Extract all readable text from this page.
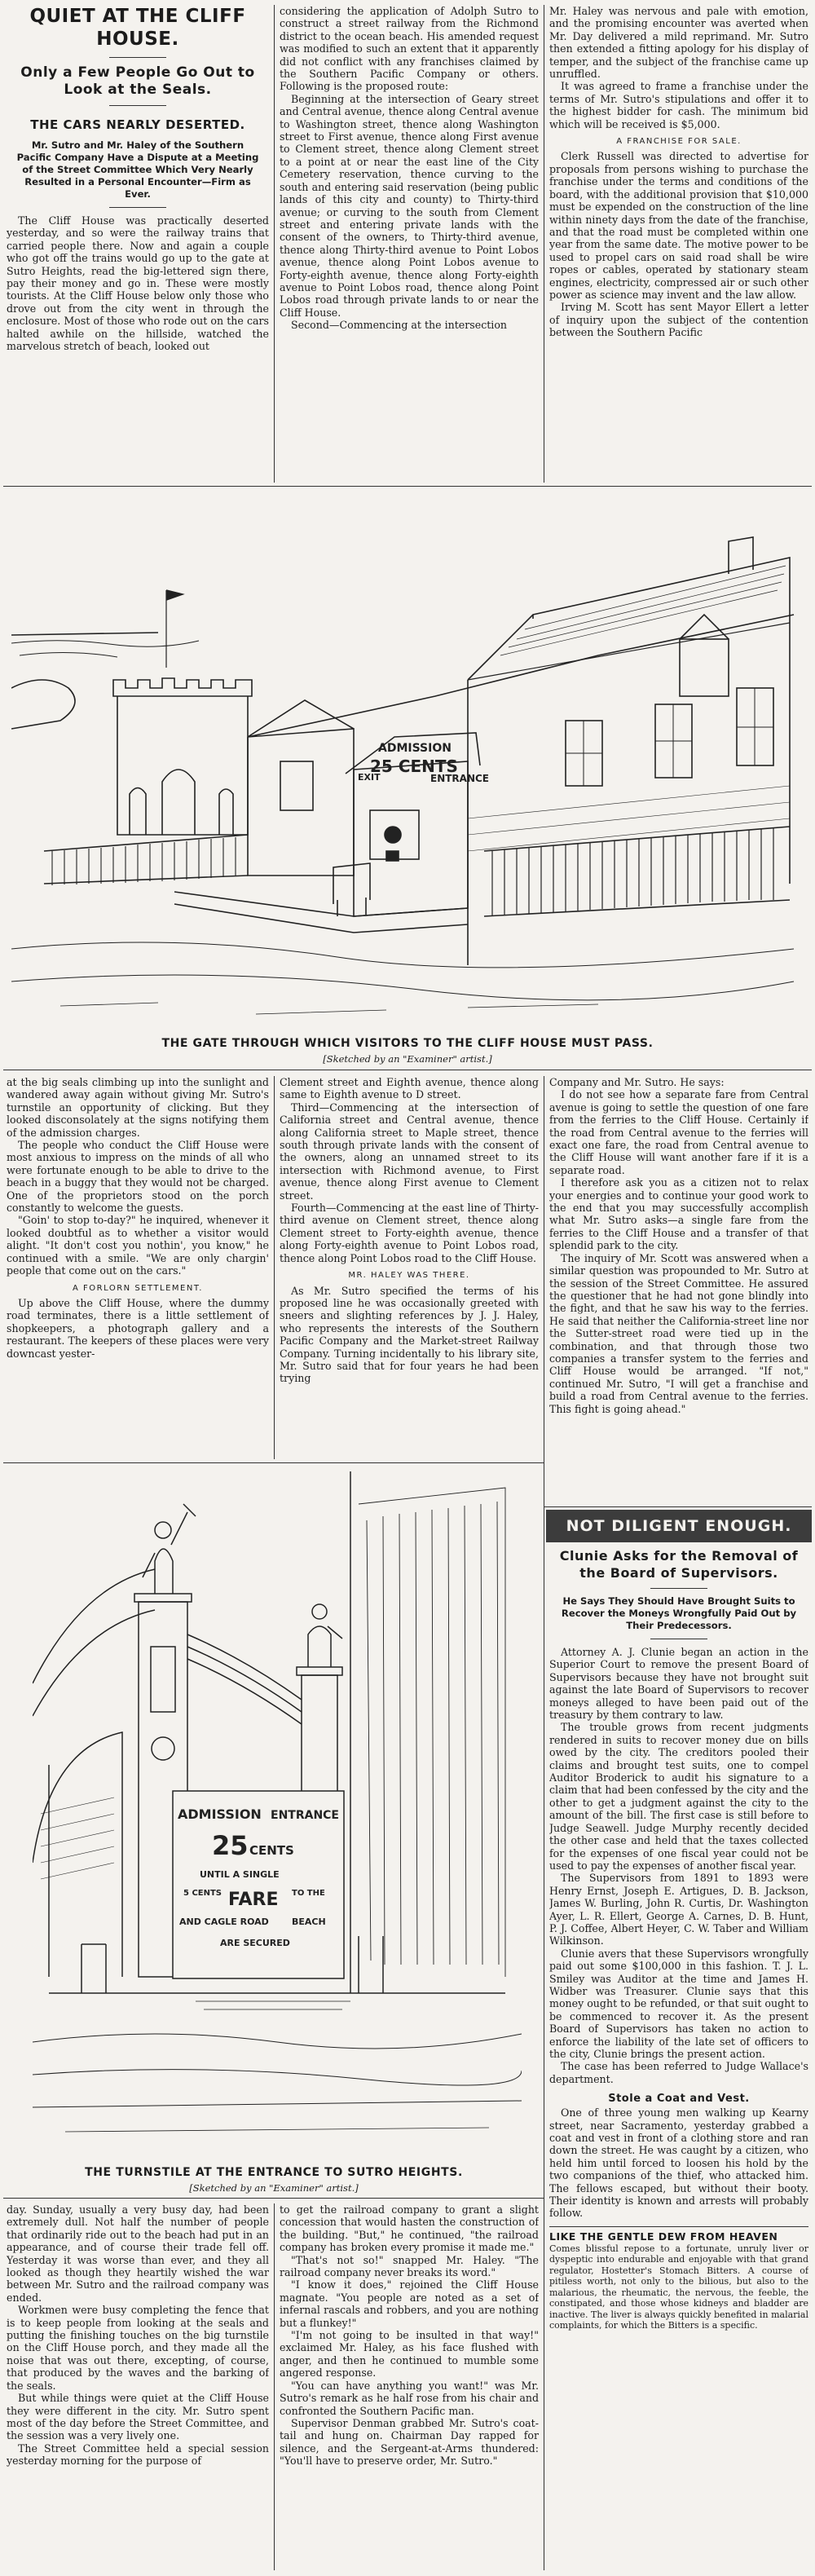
QUIET AT THE CLIFF HOUSE.
Only a Few People Go Out to Look at the Seals.
THE CARS NEARLY DESERTED.
Mr. Sutro and Mr. Haley of the Southern Pacific Company Have a Dispute at a Meeting of the Street Committee Which Very Nearly Resulted in a Personal Encounter—Firm as Ever.

The Cliff House was practically deserted yesterday, and so were the railway trains that carried people there. Now and again a couple who got off the trains would go up to the gate at Sutro Heights, read the big-lettered sign there, pay their money and go in. These were mostly tourists. At the Cliff House below only those who drove out from the city went in through the enclosure. Most of those who rode out on the cars halted awhile on the hillside, watched the marvelous stretch of beach, looked out

considering the application of Adolph Sutro to construct a street railway from the Richmond district to the ocean beach. His amended request was modified to such an extent that it apparently did not conflict with any franchises claimed by the Southern Pacific Company or others. Following is the proposed route:

Beginning at the intersection of Geary street and Central avenue, thence along Central avenue to Washington street, thence along Washington street to First avenue, thence along First avenue to Clement street, thence along Clement street to a point at or near the east line of the City Cemetery reservation, thence curving to the south and entering said reservation (being public lands of this city and county) to Thirty-third avenue; or curving to the south from Clement street and entering private lands with the consent of the owners, to Thirty-third avenue, thence along Thirty-third avenue to Point Lobos avenue, thence along Point Lobos avenue to Forty-eighth avenue, thence along Forty-eighth avenue to Point Lobos road, thence along Point Lobos road through private lands to or near the Cliff House.

Second—Commencing at the intersection

Mr. Haley was nervous and pale with emotion, and the promising encounter was averted when Mr. Day delivered a mild reprimand. Mr. Sutro then extended a fitting apology for his display of temper, and the subject of the franchise came up unruffled.

It was agreed to frame a franchise under the terms of Mr. Sutro's stipulations and offer it to the highest bidder for cash. The minimum bid which will be received is $5,000.

A FRANCHISE FOR SALE.

Clerk Russell was directed to advertise for proposals from persons wishing to purchase the franchise under the terms and conditions of the board, with the additional provision that $10,000 must be expended on the construction of the line within ninety days from the date of the franchise, and that the road must be completed within one year from the same date. The motive power to be used to propel cars on said road shall be wire ropes or cables, operated by stationary steam engines, electricity, compressed air or such other power as science may invent and the law allow.

Irving M. Scott has sent Mayor Ellert a letter of inquiry upon the subject of the contention between the Southern Pacific

ADMISSION
25 CENTS
ENTRANCE
EXIT
THE GATE THROUGH WHICH VISITORS TO THE CLIFF HOUSE MUST PASS.
[Sketched by an "Examiner" artist.]

at the big seals climbing up into the sunlight and wandered away again without giving Mr. Sutro's turnstile an opportunity of clicking. But they looked disconsolately at the signs notifying them of the admission charges.

The people who conduct the Cliff House were most anxious to impress on the minds of all who were fortunate enough to be able to drive to the beach in a buggy that they would not be charged. One of the proprietors stood on the porch constantly to welcome the guests.

"Goin' to stop to-day?" he inquired, whenever it looked doubtful as to whether a visitor would alight. "It don't cost you nothin', you know," he continued with a smile. "We are only chargin' people that come out on the cars."

A FORLORN SETTLEMENT.

Up above the Cliff House, where the dummy road terminates, there is a little settlement of shopkeepers, a photograph gallery and a restaurant. The keepers of these places were very downcast yester-

Clement street and Eighth avenue, thence along same to Eighth avenue to D street.

Third—Commencing at the intersection of California street and Central avenue, thence along California street to Maple street, thence south through private lands with the consent of the owners, along an unnamed street to its intersection with Richmond avenue, to First avenue, thence along First avenue to Clement street.

Fourth—Commencing at the east line of Thirty-third avenue on Clement street, thence along Clement street to Forty-eighth avenue, thence along Forty-eighth avenue to Point Lobos road, thence along Point Lobos road to the Cliff House.

MR. HALEY WAS THERE.

As Mr. Sutro specified the terms of his proposed line he was occasionally greeted with sneers and slighting references by J. J. Haley, who represents the interests of the Southern Pacific Company and the Market-street Railway Company. Turning incidentally to his library site, Mr. Sutro said that for four years he had been trying

Company and Mr. Sutro. He says:

I do not see how a separate fare from Central avenue is going to settle the question of one fare from the ferries to the Cliff House. Certainly if the road from Central avenue to the ferries will exact one fare, the road from Central avenue to the Cliff House will want another fare if it is a separate road.

I therefore ask you as a citizen not to relax your energies and to continue your good work to the end that you may successfully accomplish what Mr. Sutro asks—a single fare from the ferries to the Cliff House and a transfer of that splendid park to the city.

The inquiry of Mr. Scott was answered when a similar question was propounded to Mr. Sutro at the session of the Street Committee. He assured the questioner that he had not gone blindly into the fight, and that he saw his way to the ferries. He said that neither the California-street line nor the Sutter-street road were tied up in the combination, and that through those two companies a transfer system to the ferries and Cliff House would be arranged. "If not," continued Mr. Sutro, "I will get a franchise and build a road from Central avenue to the ferries. This fight is going ahead."

ADMISSION ENTRANCE
25 CENTS
UNTIL A SINGLE
5 CENTS FARE TO THE
AND CAGLE ROAD	BEACH
ARE SECURED
THE TURNSTILE AT THE ENTRANCE TO SUTRO HEIGHTS.
[Sketched by an "Examiner" artist.]

day. Sunday, usually a very busy day, had been extremely dull. Not half the number of people that ordinarily ride out to the beach had put in an appearance, and of course their trade fell off. Yesterday it was worse than ever, and they all looked as though they heartily wished the war between Mr. Sutro and the railroad company was ended.

Workmen were busy completing the fence that is to keep people from looking at the seals and putting the finishing touches on the big turnstile on the Cliff House porch, and they made all the noise that was out there, excepting, of course, that produced by the waves and the barking of the seals.

But while things were quiet at the Cliff House they were different in the city. Mr. Sutro spent most of the day before the Street Committee, and the session was a very lively one.

The Street Committee held a special session yesterday morning for the purpose of

to get the railroad company to grant a slight concession that would hasten the construction of the building. "But," he continued, "the railroad company has broken every promise it made me."

"That's not so!" snapped Mr. Haley. "The railroad company never breaks its word."

"I know it does," rejoined the Cliff House magnate. "You people are noted as a set of infernal rascals and robbers, and you are nothing but a flunkey!"

"I'm not going to be insulted in that way!" exclaimed Mr. Haley, as his face flushed with anger, and then he continued to mumble some angered response.

"You can have anything you want!" was Mr. Sutro's remark as he half rose from his chair and confronted the Southern Pacific man.

Supervisor Denman grabbed Mr. Sutro's coat-tail and hung on. Chairman Day rapped for silence, and the Sergeant-at-Arms thundered: "You'll have to preserve order, Mr. Sutro."

NOT DILIGENT ENOUGH.
Clunie Asks for the Removal of the Board of Supervisors.
He Says They Should Have Brought Suits to Recover the Moneys Wrongfully Paid Out by Their Predecessors.

Attorney A. J. Clunie began an action in the Superior Court to remove the present Board of Supervisors because they have not brought suit against the late Board of Supervisors to recover moneys alleged to have been paid out of the treasury by them contrary to law.

The trouble grows from recent judgments rendered in suits to recover money due on bills owed by the city. The creditors pooled their claims and brought test suits, one to compel Auditor Broderick to audit his signature to a claim that had been confessed by the city and the other to get a judgment against the city to the amount of the bill. The first case is still before to Judge Seawell. Judge Murphy recently decided the other case and held that the taxes collected for the expenses of one fiscal year could not be used to pay the expenses of another fiscal year.

The Supervisors from 1891 to 1893 were Henry Ernst, Joseph E. Artigues, D. B. Jackson, James W. Burling, John R. Curtis, Dr. Washington Ayer, L. R. Ellert, George A. Carnes, D. B. Hunt, P. J. Coffee, Albert Heyer, C. W. Taber and William Wilkinson.

Clunie avers that these Supervisors wrongfully paid out some $100,000 in this fashion. T. J. L. Smiley was Auditor at the time and James H. Widber was Treasurer. Clunie says that this money ought to be refunded, or that suit ought to be commenced to recover it. As the present Board of Supervisors has taken no action to enforce the liability of the late set of officers to the city, Clunie brings the present action.

The case has been referred to Judge Wallace's department.

Stole a Coat and Vest.

One of three young men walking up Kearny street, near Sacramento, yesterday grabbed a coat and vest in front of a clothing store and ran down the street. He was caught by a citizen, who held him until forced to loosen his hold by the two companions of the thief, who attacked him. The fellows escaped, but without their booty. Their identity is known and arrests will probably follow.

LIKE THE GENTLE DEW FROM HEAVEN

Comes blissful repose to a fortunate, unruly liver or dyspeptic into endurable and enjoyable with that grand regulator, Hostetter's Stomach Bitters. A course of pitiless worth, not only to the bilious, but also to the malarious, the rheumatic, the nervous, the feeble, the constipated, and those whose kidneys and bladder are inactive. The liver is always quickly benefited in malarial complaints, for which the Bitters is a specific.
